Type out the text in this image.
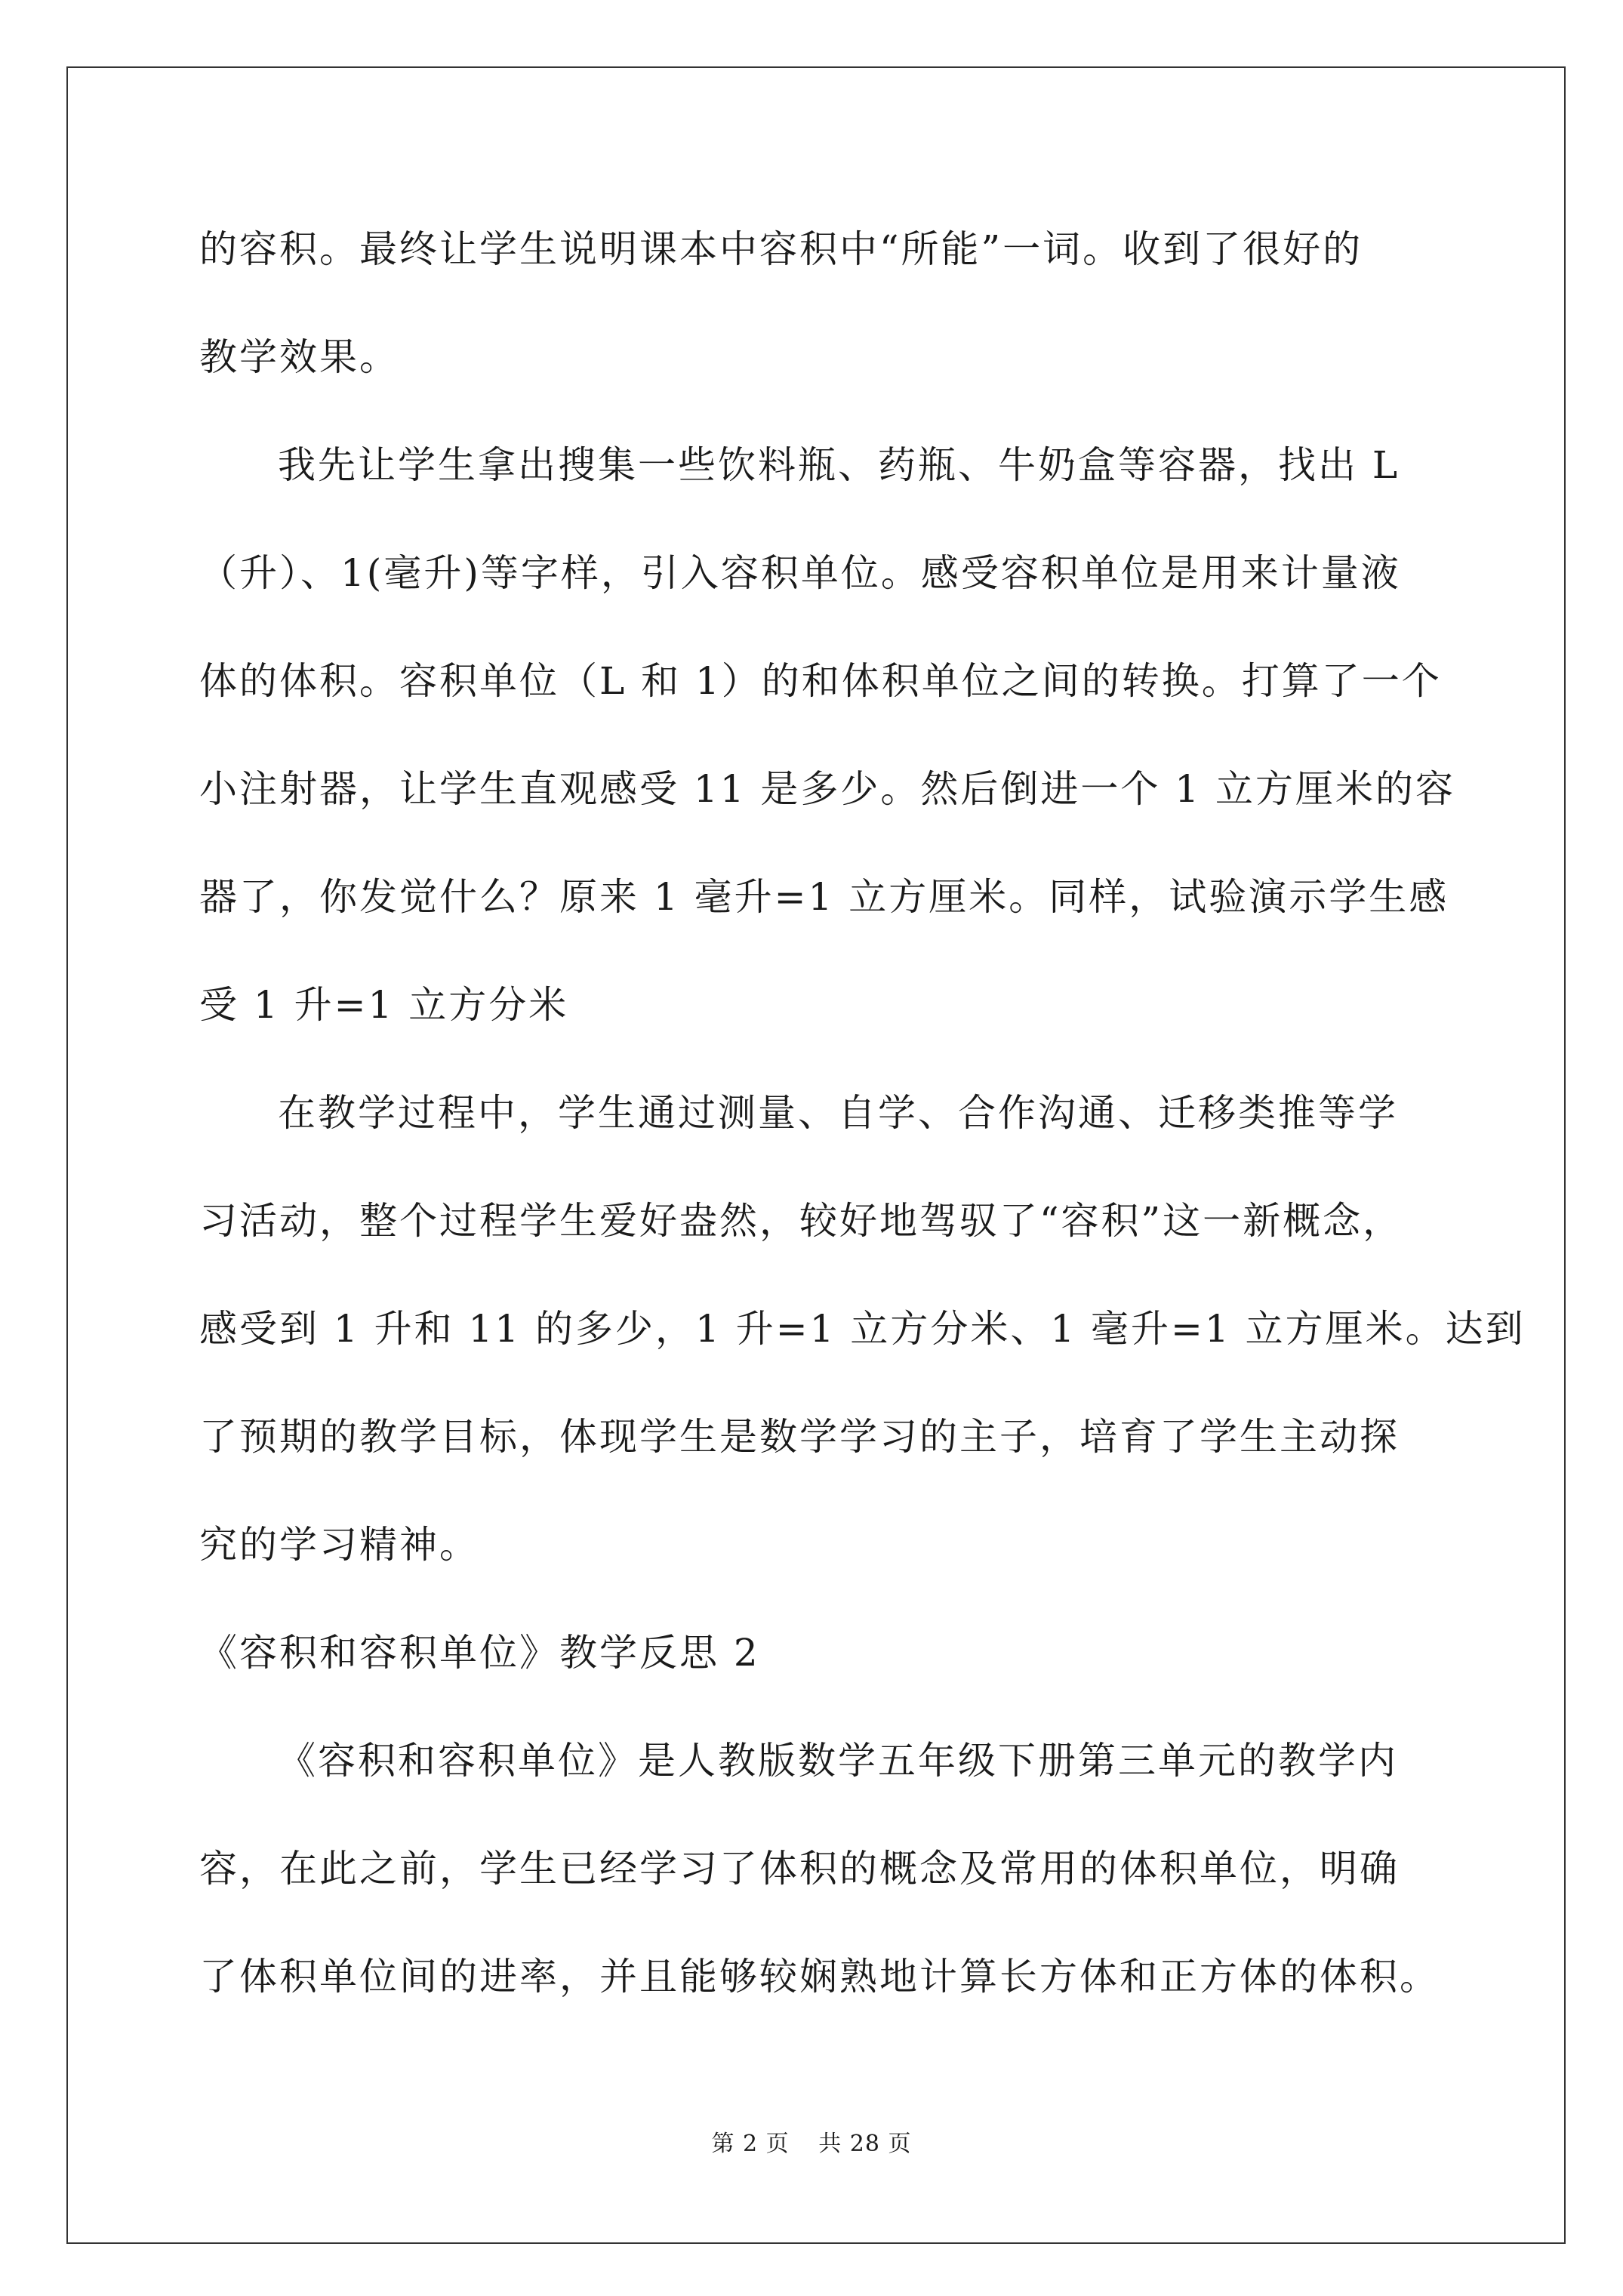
的容积。最终让学生说明课本中容积中“所能”一词。收到了很好的
教学效果。
我先让学生拿出搜集一些饮料瓶、药瓶、牛奶盒等容器，找出 L
（升）、1(毫升)等字样，引入容积单位。感受容积单位是用来计量液
体的体积。容积单位（L 和 1）的和体积单位之间的转换。打算了一个
小注射器，让学生直观感受 11 是多少。然后倒进一个 1 立方厘米的容
器了，你发觉什么？原来 1 毫升=1 立方厘米。同样，试验演示学生感
受 1 升=1 立方分米
在教学过程中，学生通过测量、自学、合作沟通、迁移类推等学
习活动，整个过程学生爱好盎然，较好地驾驭了“容积”这一新概念，
感受到 1 升和 11 的多少，1 升=1 立方分米、1 毫升=1 立方厘米。达到
了预期的教学目标，体现学生是数学学习的主子，培育了学生主动探
究的学习精神。
《容积和容积单位》教学反思 2
《容积和容积单位》是人教版数学五年级下册第三单元的教学内
容，在此之前，学生已经学习了体积的概念及常用的体积单位，明确
了体积单位间的进率，并且能够较娴熟地计算长方体和正方体的体积。
第 2 页 共 28 页
